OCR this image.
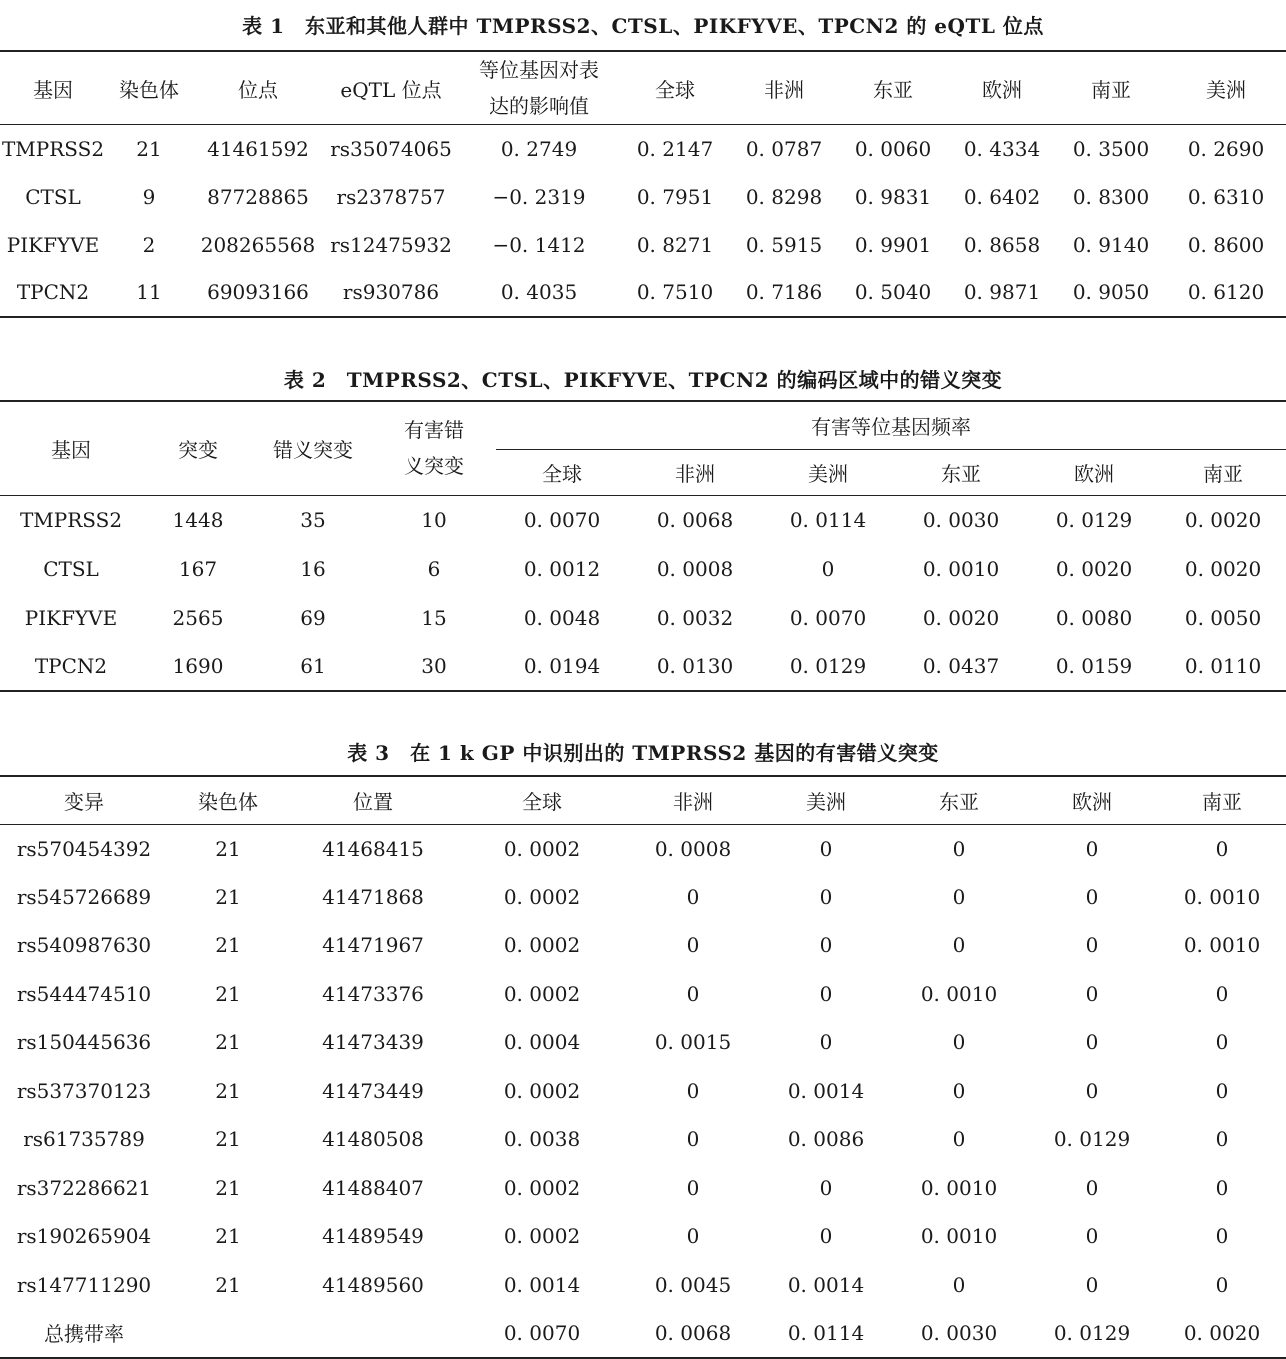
表 1　东亚和其他人群中 TMPRSS2、CTSL、PIKFYVE、TPCN2 的 eQTL 位点
基因	染色体	位点	eQTL 位点	等位基因对表达的影响值	全球	非洲	东亚	欧洲	南亚	美洲
TMPRSS2	21	41461592	rs35074065	0. 2749	0. 2147	0. 0787	0. 0060	0. 4334	0. 3500	0. 2690
CTSL	9	87728865	rs2378757	−0. 2319	0. 7951	0. 8298	0. 9831	0. 6402	0. 8300	0. 6310
PIKFYVE	2	208265568	rs12475932	−0. 1412	0. 8271	0. 5915	0. 9901	0. 8658	0. 9140	0. 8600
TPCN2	11	69093166	rs930786	0. 4035	0. 7510	0. 7186	0. 5040	0. 9871	0. 9050	0. 6120
表 2　TMPRSS2、CTSL、PIKFYVE、TPCN2 的编码区域中的错义突变
基因	突变	错义突变	有害错义突变	有害等位基因频率					
				全球	非洲	美洲	东亚	欧洲	南亚
TMPRSS2	1448	35	10	0. 0070	0. 0068	0. 0114	0. 0030	0. 0129	0. 0020
CTSL	167	16	6	0. 0012	0. 0008	0	0. 0010	0. 0020	0. 0020
PIKFYVE	2565	69	15	0. 0048	0. 0032	0. 0070	0. 0020	0. 0080	0. 0050
TPCN2	1690	61	30	0. 0194	0. 0130	0. 0129	0. 0437	0. 0159	0. 0110
表 3　在 1 k GP 中识别出的 TMPRSS2 基因的有害错义突变
变异	染色体	位置	全球	非洲	美洲	东亚	欧洲	南亚
rs570454392	21	41468415	0. 0002	0. 0008	0	0	0	0
rs545726689	21	41471868	0. 0002	0	0	0	0	0. 0010
rs540987630	21	41471967	0. 0002	0	0	0	0	0. 0010
rs544474510	21	41473376	0. 0002	0	0	0. 0010	0	0
rs150445636	21	41473439	0. 0004	0. 0015	0	0	0	0
rs537370123	21	41473449	0. 0002	0	0. 0014	0	0	0
rs61735789	21	41480508	0. 0038	0	0. 0086	0	0. 0129	0
rs372286621	21	41488407	0. 0002	0	0	0. 0010	0	0
rs190265904	21	41489549	0. 0002	0	0	0. 0010	0	0
rs147711290	21	41489560	0. 0014	0. 0045	0. 0014	0	0	0
总携带率			0. 0070	0. 0068	0. 0114	0. 0030	0. 0129	0. 0020
